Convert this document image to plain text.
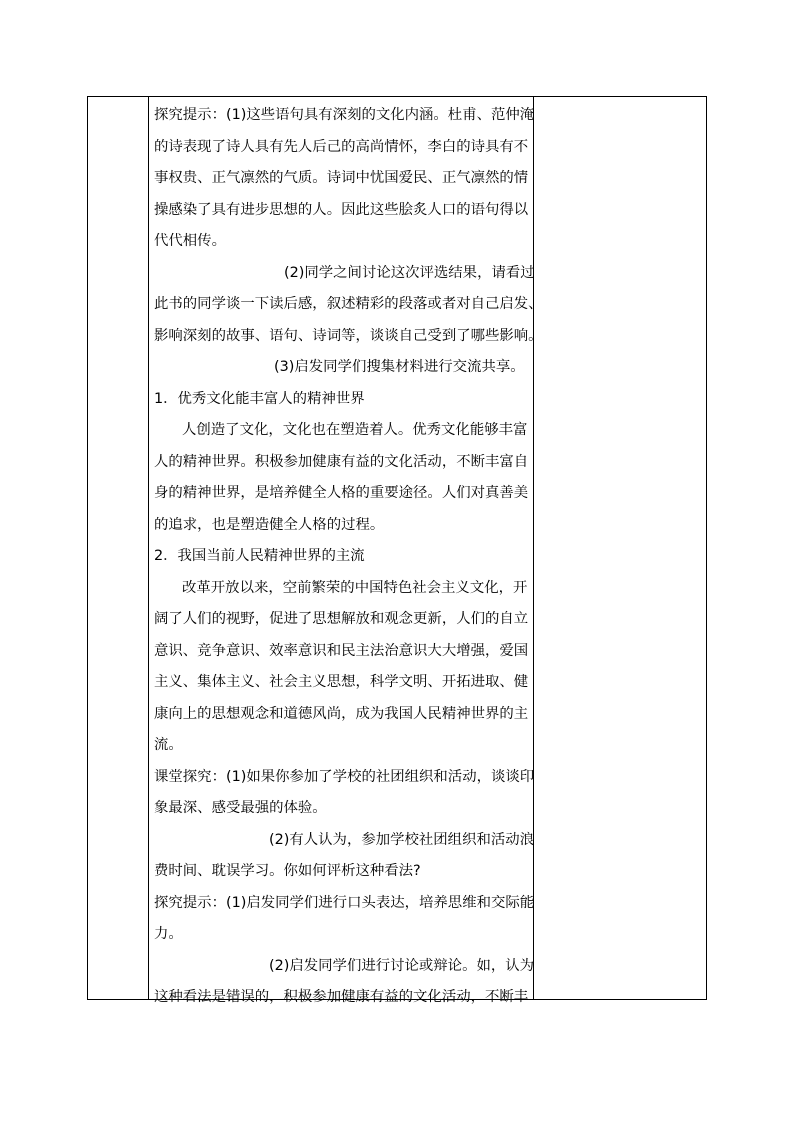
探究提示：(1)这些语句具有深刻的文化内涵。杜甫、范仲淹
的诗表现了诗人具有先人后己的高尚情怀，李白的诗具有不
事权贵、正气凛然的气质。诗词中忧国爱民、正气凛然的情
操感染了具有进步思想的人。因此这些脍炙人口的语句得以
代代相传。
(2)同学之间讨论这次评选结果，请看过
此书的同学谈一下读后感，叙述精彩的段落或者对自己启发、
影响深刻的故事、语句、诗词等，谈谈自己受到了哪些影响。
(3)启发同学们搜集材料进行交流共享。
1．优秀文化能丰富人的精神世界
人创造了文化，文化也在塑造着人。优秀文化能够丰富
人的精神世界。积极参加健康有益的文化活动，不断丰富自
身的精神世界，是培养健全人格的重要途径。人们对真善美
的追求，也是塑造健全人格的过程。
2．我国当前人民精神世界的主流
改革开放以来，空前繁荣的中国特色社会主义文化，开
阔了人们的视野，促进了思想解放和观念更新，人们的自立
意识、竞争意识、效率意识和民主法治意识大大增强，爱国
主义、集体主义、社会主义思想，科学文明、开拓进取、健
康向上的思想观念和道德风尚，成为我国人民精神世界的主
流。
课堂探究：(1)如果你参加了学校的社团组织和活动，谈谈印
象最深、感受最强的体验。
(2)有人认为，参加学校社团组织和活动浪
费时间、耽误学习。你如何评析这种看法?
探究提示：(1)启发同学们进行口头表达，培养思维和交际能
力。
(2)启发同学们进行讨论或辩论。如，认为
这种看法是错误的，积极参加健康有益的文化活动，不断丰
